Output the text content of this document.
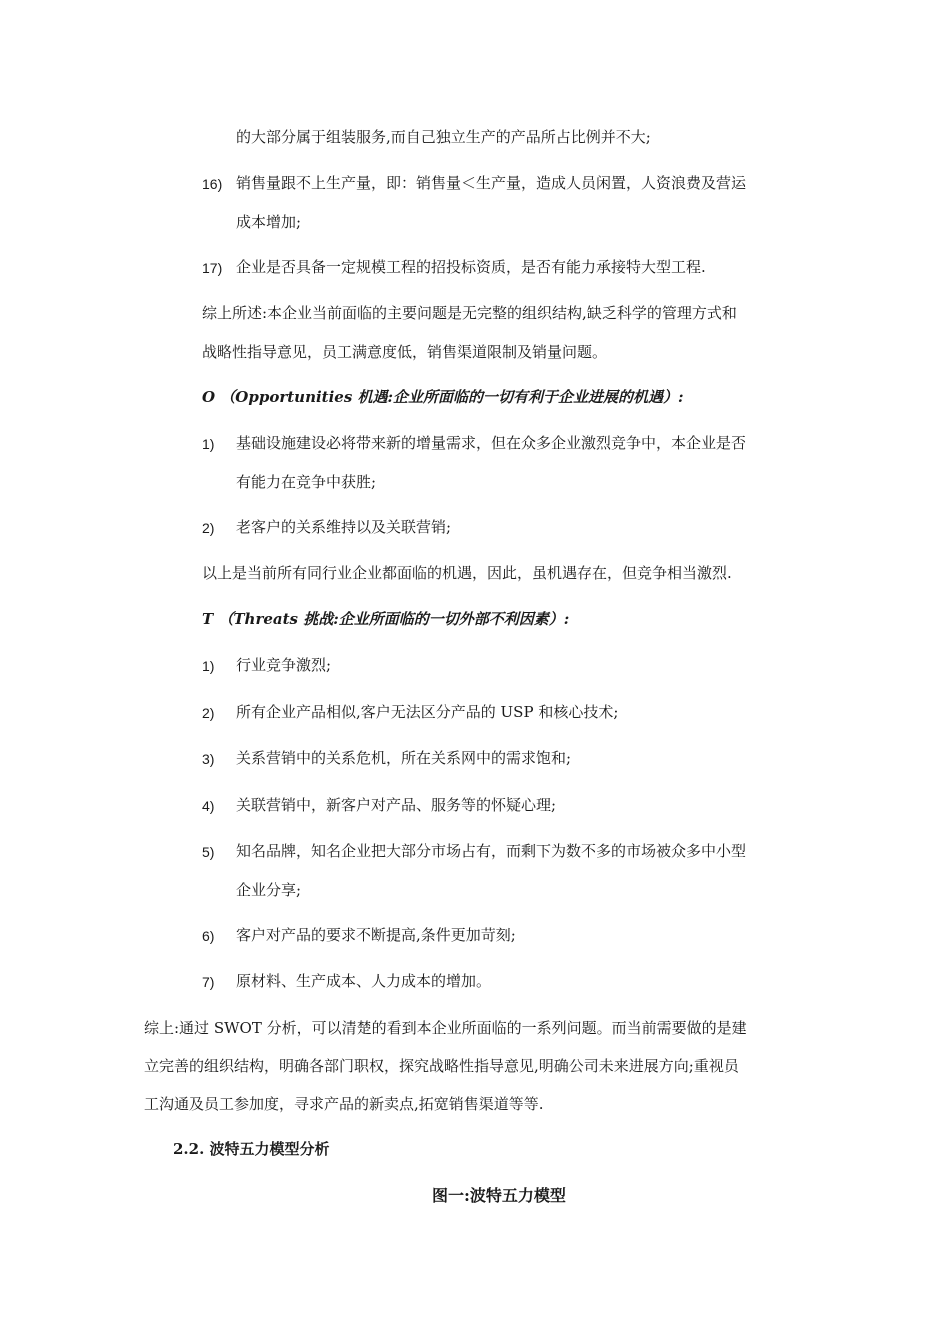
的大部分属于组装服务,而自己独立生产的产品所占比例并不大;
16) 销售量跟不上生产量，即：销售量＜生产量，造成人员闲置，人资浪费及营运
成本增加;
17) 企业是否具备一定规模工程的招投标资质，是否有能力承接特大型工程.
综上所述:本企业当前面临的主要问题是无完整的组织结构,缺乏科学的管理方式和
战略性指导意见，员工满意度低，销售渠道限制及销量问题。
O （Opportunities 机遇:企业所面临的一切有利于企业进展的机遇）:
1) 基础设施建设必将带来新的增量需求，但在众多企业激烈竞争中，本企业是否
有能力在竞争中获胜;
2) 老客户的关系维持以及关联营销;
以上是当前所有同行业企业都面临的机遇，因此，虽机遇存在，但竞争相当激烈.
T （Threats 挑战:企业所面临的一切外部不利因素）:
1) 行业竞争激烈;
2) 所有企业产品相似,客户无法区分产品的 USP 和核心技术;
3) 关系营销中的关系危机，所在关系网中的需求饱和;
4) 关联营销中，新客户对产品、服务等的怀疑心理;
5) 知名品牌，知名企业把大部分市场占有，而剩下为数不多的市场被众多中小型
企业分享;
6) 客户对产品的要求不断提高,条件更加苛刻;
7) 原材料、生产成本、人力成本的增加。
综上:通过 SWOT 分析，可以清楚的看到本企业所面临的一系列问题。而当前需要做的是建
立完善的组织结构，明确各部门职权，探究战略性指导意见,明确公司未来进展方向;重视员
工沟通及员工参加度，寻求产品的新卖点,拓宽销售渠道等等.
2.2. 波特五力模型分析
图一:波特五力模型
